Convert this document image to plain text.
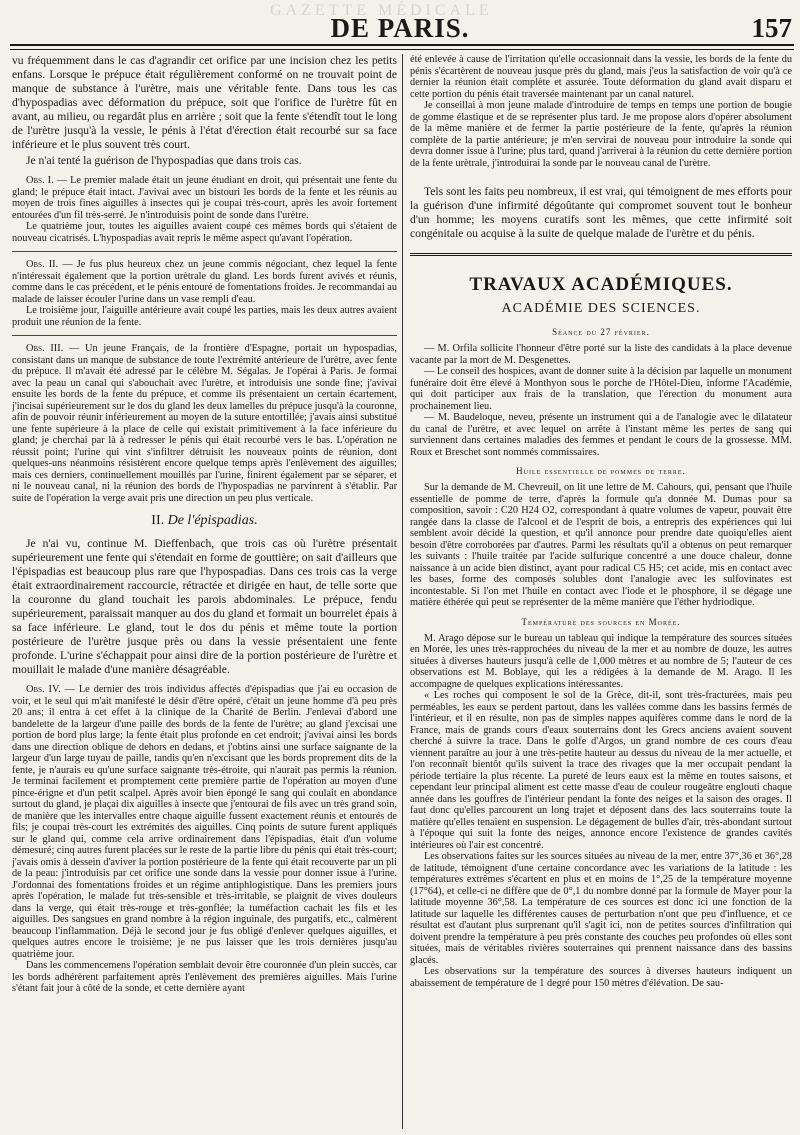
GAZETTE MÉDICALE
DE PARIS.	157

vu fréquemment dans le cas d'agrandir cet orifice par une incision chez les petits enfans. Lorsque le prépuce était régulièrement conformé on ne trouvait point de manque de substance à l'urètre, mais une véritable fente. Dans tous les cas d'hypospadias avec déformation du prépuce, soit que l'orifice de l'urètre fût en avant, au milieu, ou regardât plus en arrière ; soit que la fente s'étendît tout le long de l'urètre jusqu'à la vessie, le pénis à l'état d'érection était recourbé sur sa face inférieure et le plus souvent très court.

Je n'ai tenté la guérison de l'hypospadias que dans trois cas.

Obs. I. — Le premier malade était un jeune étudiant en droit, qui présentait une fente du gland; le prépuce était intact. J'avivai avec un bistouri les bords de la fente et les réunis au moyen de trois fines aiguilles à insectes qui je coupai très-court, après les avoir fortement entourées d'un fil très-serré. Je n'introduisis point de sonde dans l'urètre.

Le quatrième jour, toutes les aiguilles avaient coupé ces mêmes bords qui s'étaient de nouveau cicatrisés. L'hypospadias avait repris le même aspect qu'avant l'opération.

Obs. II. — Je fus plus heureux chez un jeune commis négociant, chez lequel la fente n'intéressait également que la portion urètrale du gland. Les bords furent avivés et réunis, comme dans le cas précédent, et le pénis entouré de fomentations froides. Je recommandai au malade de laisser écouler l'urine dans un vase rempli d'eau.

Le troisième jour, l'aiguille antérieure avait coupé les parties, mais les deux autres avaient produit une réunion de la fente.

Obs. III. — Un jeune Français, de la frontière d'Espagne, portait un hypospadias, consistant dans un manque de substance de toute l'extrémité antérieure de l'urètre, avec fente du prépuce. Il m'avait été adressé par le célèbre M. Ségalas. Je l'opérai à Paris. Je formai avec la peau un canal qui s'abouchait avec l'urètre, et introduisis une sonde fine; j'avivai ensuite les bords de la fente du prépuce, et comme ils présentaient un certain écartement, j'incisai supérieurement sur le dos du gland les deux lamelles du prépuce jusqu'à la couronne, afin de pouvoir réunir inférieurement au moyen de la suture entortillée; j'avais ainsi substitué une fente supérieure à la place de celle qui existait primitivement à la face inférieure du gland; je cherchai par là à redresser le pénis qui était recourbé vers le bas. L'opération ne réussit point; l'urine qui vint s'infiltrer détruisit les nouveaux points de réunion, dont quelques-uns néanmoins résistèrent encore quelque temps après l'enlèvement des aiguilles; mais ces derniers, continuellement mouillés par l'urine, finirent également par se séparer, et ni le nouveau canal, ni la réunion des bords de l'hypospadias ne parvinrent à s'établir. Par suite de l'opération la verge avait pris une direction un peu plus verticale.

II. De l'épispadias.

Je n'ai vu, continue M. Dieffenbach, que trois cas où l'urètre présentait supérieurement une fente qui s'étendait en forme de gouttière; on sait d'ailleurs que l'épispadias est beaucoup plus rare que l'hypospadias. Dans ces trois cas la verge était extraordinairement raccourcie, rétractée et dirigée en haut, de telle sorte que la couronne du gland touchait les parois abdominales. Le prépuce, fendu supérieurement, paraissait manquer au dos du gland et formait un bourrelet épais à sa face inférieure. Le gland, tout le dos du pénis et même toute la portion postérieure de l'urètre jusque près ou dans la vessie présentaient une fente profonde. L'urine s'échappait pour ainsi dire de la portion postérieure de l'urètre et mouillait le malade d'une manière désagréable.

Obs. IV. — Le dernier des trois individus affectés d'épispadias que j'ai eu occasion de voir, et le seul qui m'ait manifesté le désir d'être opéré, c'était un jeune homme d'à peu près 20 ans; il entra à cet effet à la clinique de la Charité de Berlin. J'enlevai d'abord une bandelette de la largeur d'une paille des bords de la fente de l'urètre; au gland j'excisai une portion de bord plus large; la fente était plus profonde en cet endroit; j'avivai ainsi les bords dans une direction oblique de dehors en dedans, et j'obtins ainsi une surface saignante de la largeur d'un large tuyau de paille, tandis qu'en n'excisant que les bords proprement dits de la fente, je n'aurais eu qu'une surface saignante très-étroite, qui n'aurait pas permis la réunion. Je terminai facilement et promptement cette première partie de l'opération au moyen d'une pince-érigne et d'un petit scalpel. Après avoir bien épongé le sang qui coulait en abondance surtout du gland, je plaçai dix aiguilles à insecte que j'entourai de fils avec un très grand soin, de manière que les intervalles entre chaque aiguille fussent exactement réunis et entourés de fils; je coupai très-court les extrémités des aiguilles. Cinq points de suture furent appliqués sur le gland qui, comme cela arrive ordinairement dans l'épispadias, était d'un volume démesuré; cinq autres furent placées sur le reste de la partie libre du pénis qui était très-court; j'avais omis à dessein d'aviver la portion postérieure de la fente qui était recouverte par un pli de la peau: j'introduisis par cet orifice une sonde dans la vessie pour donner issue à l'urine. J'ordonnai des fomentations froides et un régime antiphlogistique. Dans les premiers jours après l'opération, le malade fut très-sensible et très-irritable, se plaignit de vives douleurs dans la verge, qui était très-rouge et très-gonflée; la tuméfaction cachait les fils et les aiguilles. Des sangsues en grand nombre à la région inguinale, des purgatifs, etc., calmèrent beaucoup l'inflammation. Déjà le second jour je fus obligé d'enlever quelques aiguilles, et quelques autres encore le troisième; je ne pus laisser que les trois dernières jusqu'au quatrième jour.

Dans les commencemens l'opération semblait devoir être couronnée d'un plein succès, car les bords adhérèrent parfaitement après l'enlèvement des premières aiguilles. Mais l'urine s'étant fait jour à côté de la sonde, et cette dernière ayant

été enlevée à cause de l'irritation qu'elle occasionnait dans la vessie, les bords de la fente du pénis s'écartèrent de nouveau jusque près du gland, mais j'eus la satisfaction de voir qu'à ce dernier la réunion était complète et assurée. Toute déformation du gland avait disparu et cette portion du pénis était traversée maintenant par un canal naturel.

Je conseillai à mon jeune malade d'introduire de temps en temps une portion de bougie de gomme élastique et de se représenter plus tard. Je me propose alors d'opérer absolument de la même manière et de fermer la partie postérieure de la fente, qu'après la réunion complète de la partie antérieure; je m'en servirai de nouveau pour introduire la sonde qui devra donner issue à l'urine; plus tard, quand j'arriverai à la réunion du cette dernière portion de la fente urètrale, j'introduirai la sonde par le nouveau canal de l'urètre.

Tels sont les faits peu nombreux, il est vrai, qui témoignent de mes efforts pour la guérison d'une infirmité dégoûtante qui compromet souvent tout le bonheur d'un homme; les moyens curatifs sont les mêmes, que cette infirmité soit congénitale ou acquise à la suite de quelque malade de l'urètre et du pénis.

TRAVAUX ACADÉMIQUES.
ACADÉMIE DES SCIENCES.
Séance du 27 février.

— M. Orfila sollicite l'honneur d'être porté sur la liste des candidats à la place devenue vacante par la mort de M. Desgenettes.

— Le conseil des hospices, avant de donner suite à la décision par laquelle un monument funéraire doit être élevé à Monthyon sous le porche de l'Hôtel-Dieu, informe l'Académie, qui doit participer aux frais de la translation, que l'érection du monument aura prochainement lieu.

— M. Baudeloque, neveu, présente un instrument qui a de l'analogie avec le dilatateur du canal de l'urètre, et avec lequel on arrête à l'instant même les pertes de sang qui surviennent dans certaines maladies des femmes et pendant le cours de la grossesse. MM. Roux et Breschet sont nommés commissaires.

Huile essentielle de pommes de terre.

Sur la demande de M. Chevreuil, on lit une lettre de M. Cahours, qui, pensant que l'huile essentielle de pomme de terre, d'après la formule qu'a donnée M. Dumas pour sa composition, savoir : C20 H24 O2, correspondant à quatre volumes de vapeur, pouvait être rangée dans la classe de l'alcool et de l'esprit de bois, a entrepris des expériences qui lui semblent avoir décidé la question, et qu'il annonce pour prendre date quoiqu'elles aient besoin d'être corroborées par d'autres. Parmi les résultats qu'il a obtenus on peut remarquer les suivants : l'huile traitée par l'acide sulfurique concentré a une douce chaleur, donne naissance à un acide bien distinct, ayant pour radical C5 H5; cet acide, mis en contact avec les bases, forme des composés solubles dont l'analogie avec les sulfovinates est incontestable. Si l'on met l'huile en contact avec l'iode et le phosphore, il se dégage une matière éthérée qui peut se représenter de la même manière que l'éther hydriodique.

Température des sources en Morée.

M. Arago dépose sur le bureau un tableau qui indique la température des sources situées en Morée, les unes très-rapprochées du niveau de la mer et au nombre de douze, les autres situées à diverses hauteurs jusqu'à celle de 1,000 mètres et au nombre de 5; l'auteur de ces observations est M. Boblaye, qui les a rédigées à la demande de M. Arago. Il les accompagne de quelques explications intéressantes.

« Les roches qui composent le sol de la Grèce, dit-il, sont très-fracturées, mais peu perméables, les eaux se perdent partout, dans les vallées comme dans les bassins fermés de l'intérieur, et il en résulte, non pas de simples nappes aquifères comme dans le nord de la France, mais de grands cours d'eaux souterrains dont les Grecs anciens avaient souvent cherché à suivre la trace. Dans le golfe d'Argos, un grand nombre de ces cours d'eau viennent paraître au jour à une très-petite hauteur au dessus du niveau de la mer actuelle, et l'on reconnaît bientôt qu'ils suivent la trace des rivages que la mer occupait pendant la période tertiaire la plus récente. La pureté de leurs eaux est la même en toutes saisons, et cependant leur principal aliment est cette masse d'eau de couleur rougeâtre englouti chaque année dans les gouffres de l'intérieur pendant la fonte des neiges et la saison des orages. Il faut donc qu'elles parcourent un long trajet et déposent dans des lacs souterrains toute la matière qu'elles tenaient en suspension. Le dégagement de bulles d'air, très-abondant surtout à l'époque qui suit la fonte des neiges, annonce encore l'existence de grandes cavités intérieures où l'air est concentré.

Les observations faites sur les sources situées au niveau de la mer, entre 37°,36 et 36°,28 de latitude, témoignent d'une certaine concordance avec les variations de la latitude : les températures extrêmes s'écartent en plus et en moins de 1°,25 de la température moyenne (17°64), et celle-ci ne diffère que de 0°,1 du nombre donné par la formule de Mayer pour la latitude moyenne 36°,58. La température de ces sources est donc ici une fonction de la latitude sur laquelle les différentes causes de perturbation n'ont que peu d'influence, et ce résultat est d'autant plus surprenant qu'il s'agit ici, non de petites sources d'infiltration qui doivent prendre la température à peu près constante des couches peu profondes où elles sont situées, mais de véritables rivières souterraines qui prennent naissance dans des bassins glacés.

Les observations sur la température des sources à diverses hauteurs indiquent un abaissement de température de 1 degré pour 150 mètres d'élévation. De sau-
